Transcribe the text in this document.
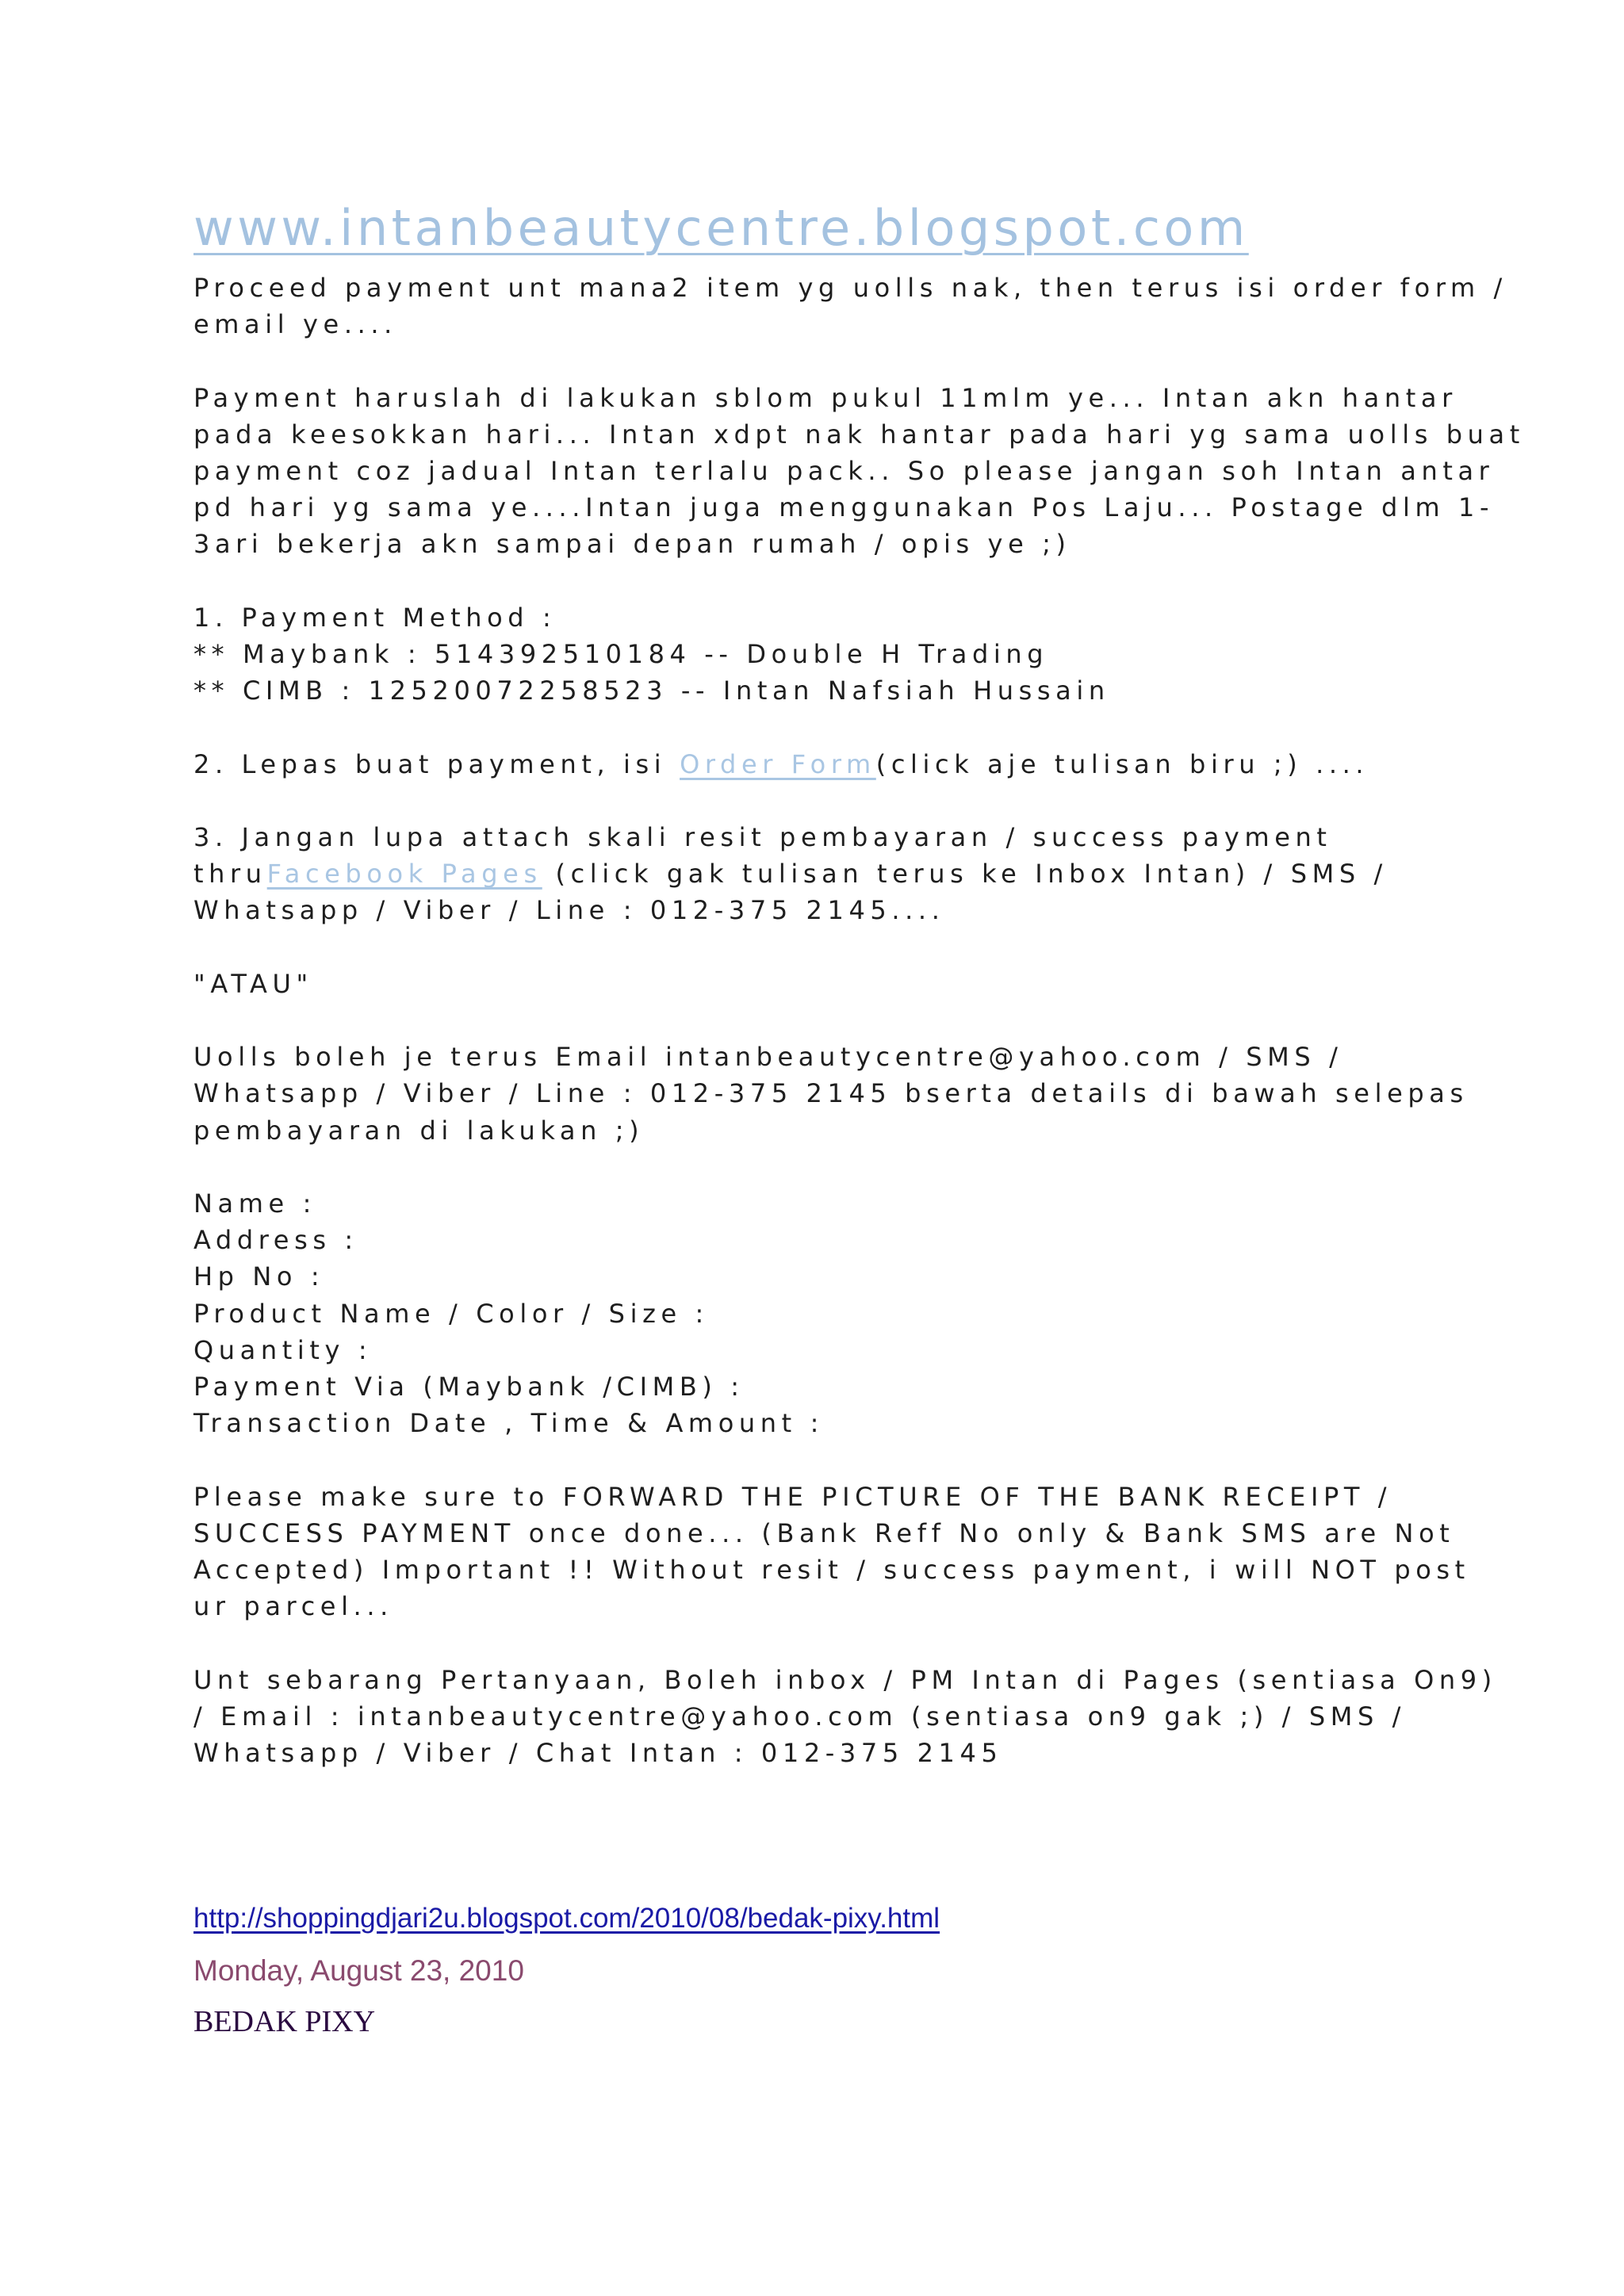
www.intanbeautycentre.blogspot.com
Proceed payment unt mana2 item yg uolls nak, then terus isi order form /
email ye....
Payment haruslah di lakukan sblom pukul 11mlm ye... Intan akn hantar
pada keesokkan hari... Intan xdpt nak hantar pada hari yg sama uolls buat
payment coz jadual Intan terlalu pack.. So please jangan soh Intan antar
pd hari yg sama ye....Intan juga menggunakan Pos Laju... Postage dlm 1-
3ari bekerja akn sampai depan rumah / opis ye ;)
1. Payment Method :
** Maybank : 514392510184 -- Double H Trading
** CIMB : 12520072258523 -- Intan Nafsiah Hussain
2. Lepas buat payment, isi Order Form(click aje tulisan biru ;) ....
3. Jangan lupa attach skali resit pembayaran / success payment
thruFacebook Pages (click gak tulisan terus ke Inbox Intan) / SMS /
Whatsapp / Viber / Line : 012-375 2145....
"ATAU"
Uolls boleh je terus Email intanbeautycentre@yahoo.com / SMS /
Whatsapp / Viber / Line : 012-375 2145 bserta details di bawah selepas
pembayaran di lakukan ;)
Name :
Address :
Hp No :
Product Name / Color / Size :
Quantity :
Payment Via (Maybank /CIMB) :
Transaction Date , Time & Amount :
Please make sure to FORWARD THE PICTURE OF THE BANK RECEIPT /
SUCCESS PAYMENT once done... (Bank Reff No only & Bank SMS are Not
Accepted) Important !! Without resit / success payment, i will NOT post
ur parcel...
Unt sebarang Pertanyaan, Boleh inbox / PM Intan di Pages (sentiasa On9)
/ Email : intanbeautycentre@yahoo.com (sentiasa on9 gak ;) / SMS /
Whatsapp / Viber / Chat Intan : 012-375 2145
http://shoppingdjari2u.blogspot.com/2010/08/bedak-pixy.html
Monday, August 23, 2010
BEDAK PIXY
